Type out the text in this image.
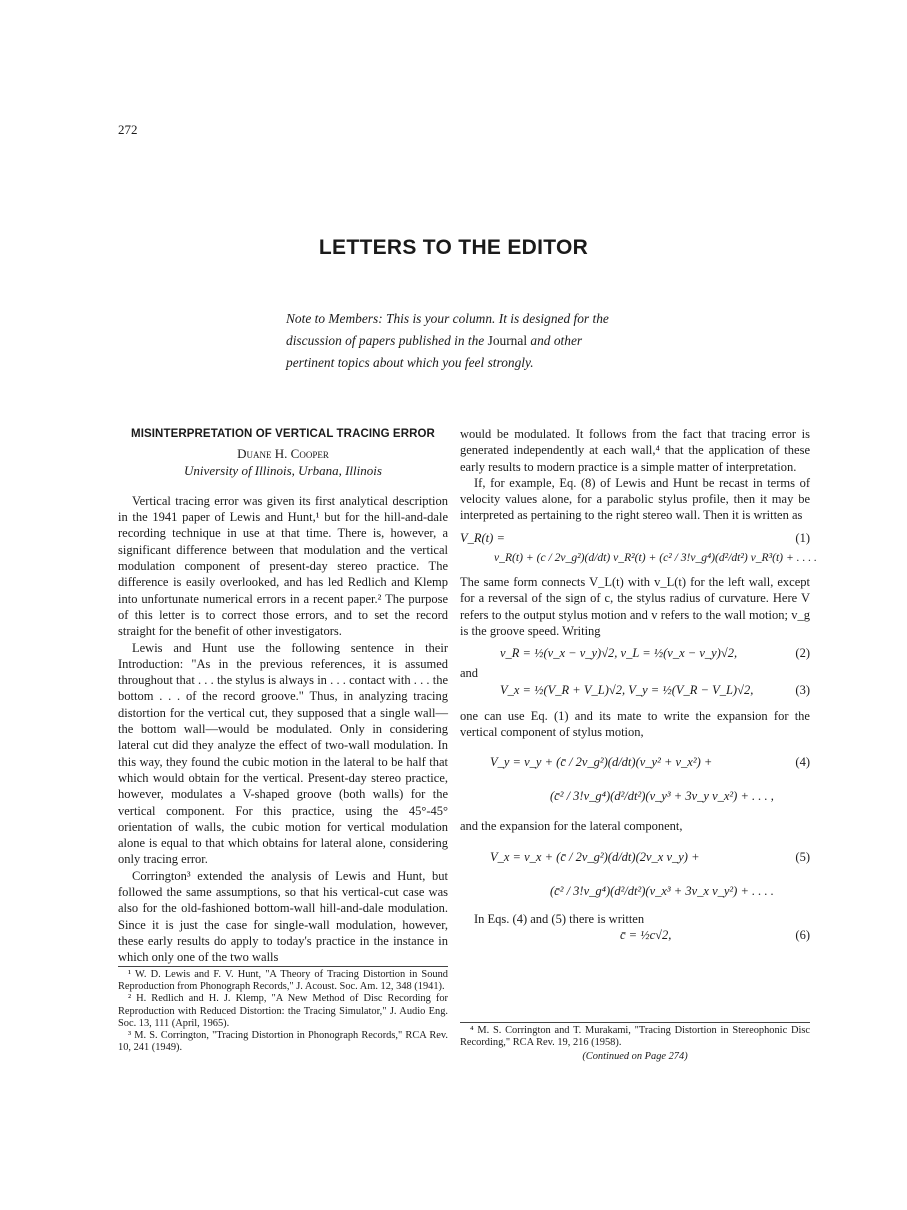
272
LETTERS TO THE EDITOR
Note to Members: This is your column. It is designed for the discussion of papers published in the Journal and other pertinent topics about which you feel strongly.
MISINTERPRETATION OF VERTICAL TRACING ERROR
Duane H. Cooper
University of Illinois, Urbana, Illinois

Vertical tracing error was given its first analytical description in the 1941 paper of Lewis and Hunt,¹ but for the hill-and-dale recording technique in use at that time. There is, however, a significant difference between that modulation and the vertical modulation component of present-day stereo practice. The difference is easily overlooked, and has led Redlich and Klemp into unfortunate numerical errors in a recent paper.² The purpose of this letter is to correct those errors, and to set the record straight for the benefit of other investigators.

Lewis and Hunt use the following sentence in their Introduction: "As in the previous references, it is assumed throughout that . . . the stylus is always in . . . contact with . . . the bottom . . . of the record groove." Thus, in analyzing tracing distortion for the vertical cut, they supposed that a single wall—the bottom wall—would be modulated. Only in considering lateral cut did they analyze the effect of two-wall modulation. In this way, they found the cubic motion in the lateral to be half that which would obtain for the vertical. Present-day stereo practice, however, modulates a V-shaped groove (both walls) for the vertical component. For this practice, using the 45°-45° orientation of walls, the cubic motion for vertical modulation alone is equal to that which obtains for lateral alone, considering only tracing error.

Corrington³ extended the analysis of Lewis and Hunt, but followed the same assumptions, so that his vertical-cut case was also for the old-fashioned bottom-wall hill-and-dale modulation. Since it is just the case for single-wall modulation, however, these early results do apply to today's practice in the instance in which only one of the two walls

would be modulated. It follows from the fact that tracing error is generated independently at each wall,⁴ that the application of these early results to modern practice is a simple matter of interpretation.

If, for example, Eq. (8) of Lewis and Hunt be recast in terms of velocity values alone, for a parabolic stylus profile, then it may be interpreted as pertaining to the right stereo wall. Then it is written as

V_R(t) =	(1)
v_R(t) + (c / 2v_g²)(d/dt) v_R²(t) + (c² / 3!v_g⁴)(d²/dt²) v_R³(t) + . . . .

The same form connects V_L(t) with v_L(t) for the left wall, except for a reversal of the sign of c, the stylus radius of curvature. Here V refers to the output stylus motion and v refers to the wall motion; v_g is the groove speed. Writing

v_R = ½(v_x − v_y)√2, v_L = ½(v_x − v_y)√2,	(2)

and

V_x = ½(V_R + V_L)√2, V_y = ½(V_R − V_L)√2,	(3)

one can use Eq. (1) and its mate to write the expansion for the vertical component of stylus motion,

V_y = v_y + (c̄ / 2v_g²)(d/dt)(v_y² + v_x²) +	(4)
(c̄² / 3!v_g⁴)(d²/dt²)(v_y³ + 3v_y v_x²) + . . . ,

and the expansion for the lateral component,

V_x = v_x + (c̄ / 2v_g²)(d/dt)(2v_x v_y) +	(5)
(c̄² / 3!v_g⁴)(d²/dt²)(v_x³ + 3v_x v_y²) + . . . .

In Eqs. (4) and (5) there is written

c̄ = ½c√2,	(6)

¹ W. D. Lewis and F. V. Hunt, "A Theory of Tracing Distortion in Sound Reproduction from Phonograph Records," J. Acoust. Soc. Am. 12, 348 (1941).

² H. Redlich and H. J. Klemp, "A New Method of Disc Recording for Reproduction with Reduced Distortion: the Tracing Simulator," J. Audio Eng. Soc. 13, 111 (April, 1965).

³ M. S. Corrington, "Tracing Distortion in Phonograph Records," RCA Rev. 10, 241 (1949).

⁴ M. S. Corrington and T. Murakami, "Tracing Distortion in Stereophonic Disc Recording," RCA Rev. 19, 216 (1958).

(Continued on Page 274)
